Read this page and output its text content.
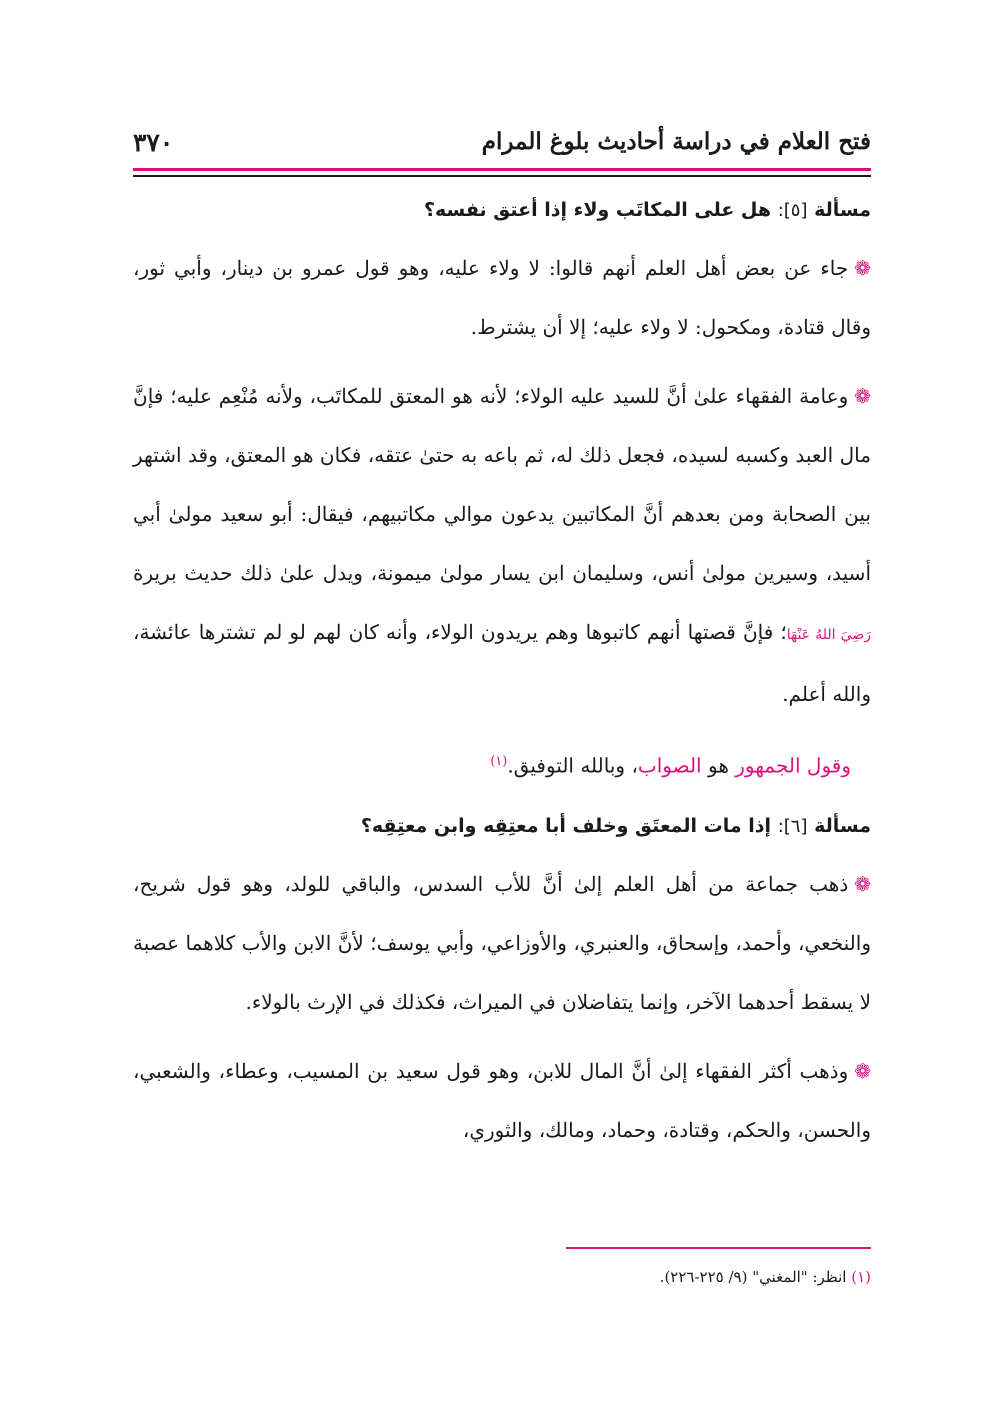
٣٧٠	فتح العلام في دراسة أحاديث بلوغ المرام
مسألة [٥]: هل على المكاتَب ولاء إذا أعتق نفسه؟

❁جاء عن بعض أهل العلم أنهم قالوا: لا ولاء عليه، وهو قول عمرو بن دينار، وأبي ثور، وقال قتادة، ومكحول: لا ولاء عليه؛ إلا أن يشترط.

❁وعامة الفقهاء علىٰ أنَّ للسيد عليه الولاء؛ لأنه هو المعتق للمكاتَب، ولأنه مُنْعِم عليه؛ فإنَّ مال العبد وكسبه لسيده، فجعل ذلك له، ثم باعه به حتىٰ عتقه، فكان هو المعتق، وقد اشتهر بين الصحابة ومن بعدهم أنَّ المكاتبين يدعون موالي مكاتبيهم، فيقال: أبو سعيد مولىٰ أبي أسيد، وسيرين مولىٰ أنس، وسليمان ابن يسار مولىٰ ميمونة، ويدل علىٰ ذلك حديث بريرة رَضِيَ اللهُ عَنْهَا؛ فإنَّ قصتها أنهم كاتبوها وهم يريدون الولاء، وأنه كان لهم لو لم تشترها عائشة، والله أعلم.

وقول الجمهور هو الصواب، وبالله التوفيق.$^{(١)}$

مسألة [٦]: إذا مات المعتَق وخلف أبا معتِقِه وابن معتِقِه؟

❁ذهب جماعة من أهل العلم إلىٰ أنَّ للأب السدس، والباقي للولد، وهو قول شريح، والنخعي، وأحمد، وإسحاق، والعنبري، والأوزاعي، وأبي يوسف؛ لأنَّ الابن والأب كلاهما عصبة لا يسقط أحدهما الآخر، وإنما يتفاضلان في الميراث، فكذلك في الإرث بالولاء.

❁وذهب أكثر الفقهاء إلىٰ أنَّ المال للابن، وهو قول سعيد بن المسيب، وعطاء، والشعبي، والحسن، والحكم، وقتادة، وحماد، ومالك، والثوري،

(١) انظر: "المغني" (٩/ ٢٢٥-٢٢٦).
